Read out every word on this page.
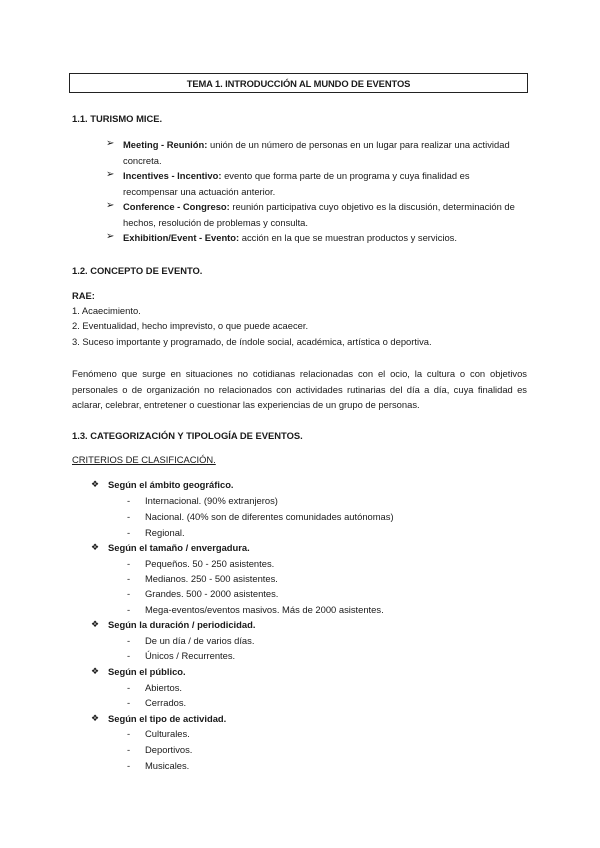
TEMA 1. INTRODUCCIÓN AL MUNDO DE EVENTOS
1.1. TURISMO MICE.
➢ Meeting - Reunión: unión de un número de personas en un lugar para realizar una actividad
concreta.
➢ Incentives - Incentivo: evento que forma parte de un programa y cuya finalidad es
recompensar una actuación anterior.
➢ Conference - Congreso: reunión participativa cuyo objetivo es la discusión, determinación de
hechos, resolución de problemas y consulta.
➢ Exhibition/Event - Evento: acción en la que se muestran productos y servicios.
1.2. CONCEPTO DE EVENTO.
RAE:
1. Acaecimiento.
2. Eventualidad, hecho imprevisto, o que puede acaecer.
3. Suceso importante y programado, de índole social, académica, artística o deportiva.
Fenómeno que surge en situaciones no cotidianas relacionadas con el ocio, la cultura o con objetivos personales o de organización no relacionados con actividades rutinarias del día a día, cuya finalidad es aclarar, celebrar, entretener o cuestionar las experiencias de un grupo de personas.
1.3. CATEGORIZACIÓN Y TIPOLOGÍA DE EVENTOS.
CRITERIOS DE CLASIFICACIÓN.
❖ Según el ámbito geográfico.
- Internacional. (90% extranjeros)
- Nacional. (40% son de diferentes comunidades autónomas)
- Regional.
❖ Según el tamaño / envergadura.
- Pequeños. 50 - 250 asistentes.
- Medianos. 250 - 500 asistentes.
- Grandes. 500 - 2000 asistentes.
- Mega-eventos/eventos masivos. Más de 2000 asistentes.
❖ Según la duración / periodicidad.
- De un día / de varios días.
- Únicos / Recurrentes.
❖ Según el público.
- Abiertos.
- Cerrados.
❖ Según el tipo de actividad.
- Culturales.
- Deportivos.
- Musicales.
